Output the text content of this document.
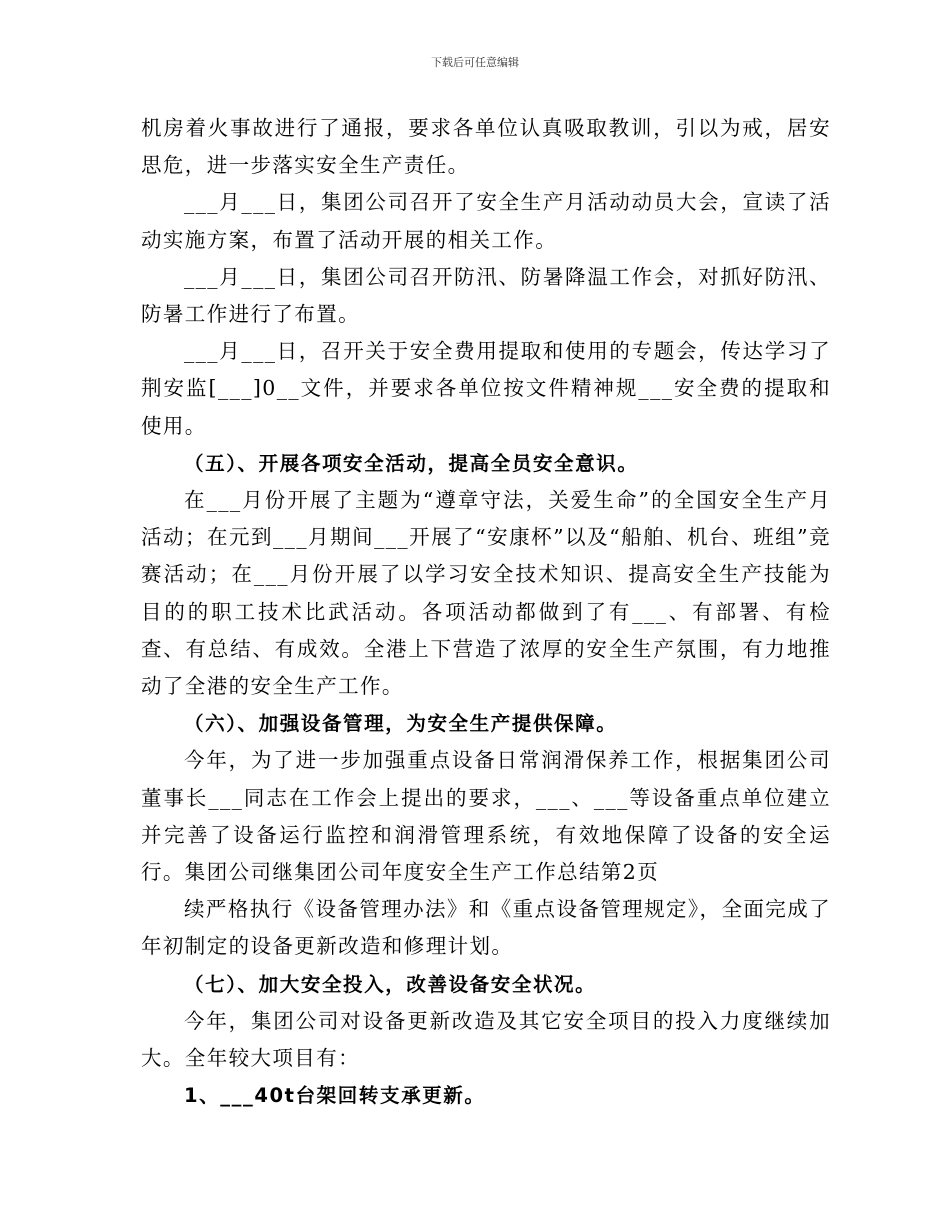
下载后可任意编辑

机房着火事故进行了通报，要求各单位认真吸取教训，引以为戒，居安思危，进一步落实安全生产责任。

___月___日，集团公司召开了安全生产月活动动员大会，宣读了活动实施方案，布置了活动开展的相关工作。

___月___日，集团公司召开防汛、防暑降温工作会，对抓好防汛、防暑工作进行了布置。

___月___日，召开关于安全费用提取和使用的专题会，传达学习了荆安监[___]0__文件，并要求各单位按文件精神规___安全费的提取和使用。

（五）、开展各项安全活动，提高全员安全意识。

在___月份开展了主题为“遵章守法，关爱生命”的全国安全生产月活动；在元到___月期间___开展了“安康杯”以及“船舶、机台、班组”竞赛活动；在___月份开展了以学习安全技术知识、提高安全生产技能为目的的职工技术比武活动。各项活动都做到了有___、有部署、有检查、有总结、有成效。全港上下营造了浓厚的安全生产氛围，有力地推动了全港的安全生产工作。

（六）、加强设备管理，为安全生产提供保障。

今年，为了进一步加强重点设备日常润滑保养工作，根据集团公司董事长___同志在工作会上提出的要求，___、___等设备重点单位建立并完善了设备运行监控和润滑管理系统，有效地保障了设备的安全运行。集团公司继集团公司年度安全生产工作总结第2页

续严格执行《设备管理办法》和《重点设备管理规定》，全面完成了年初制定的设备更新改造和修理计划。

（七）、加大安全投入，改善设备安全状况。

今年，集团公司对设备更新改造及其它安全项目的投入力度继续加大。全年较大项目有：

1、___40t台架回转支承更新。
